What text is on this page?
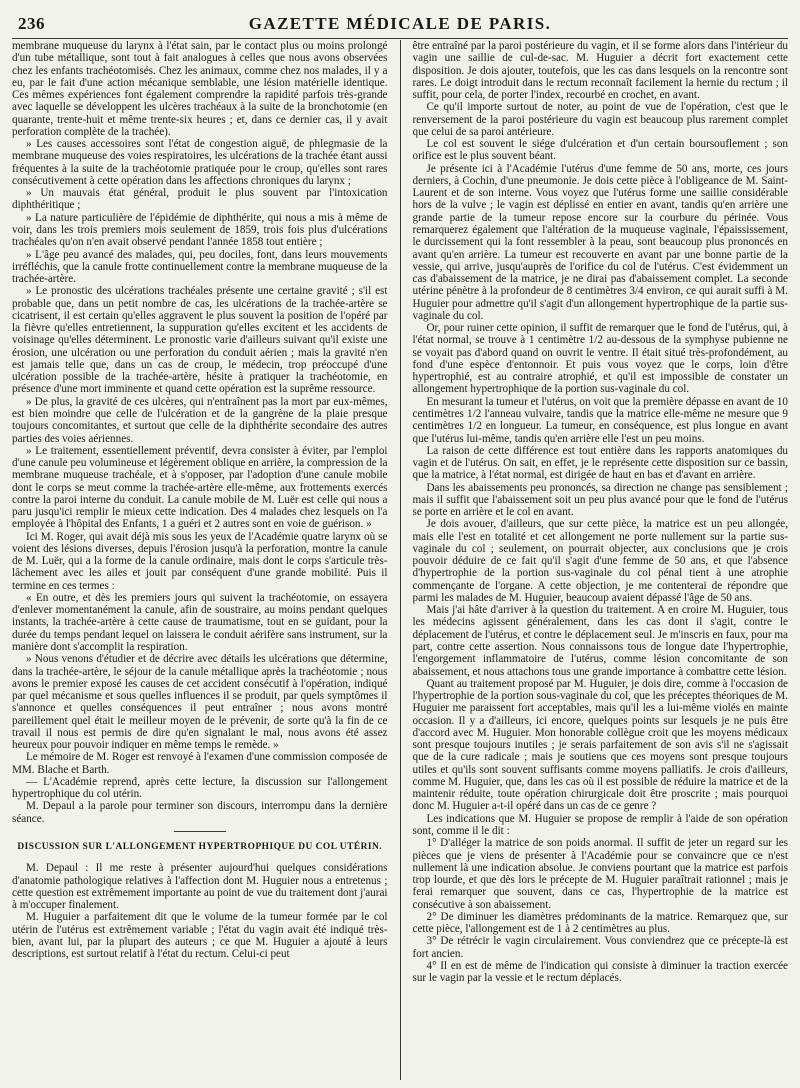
236	GAZETTE MÉDICALE DE PARIS.

membrane muqueuse du larynx à l'état sain, par le contact plus ou moins prolongé d'un tube métallique, sont tout à fait analogues à celles que nous avons observées chez les enfants trachéotomisés. Chez les animaux, comme chez nos malades, il y a eu, par le fait d'une action mécanique semblable, une lésion matérielle identique. Ces mêmes expériences font également comprendre la rapidité parfois très-grande avec laquelle se développent les ulcères trachéaux à la suite de la bronchotomie (en quarante, trente-huit et même trente-six heures ; et, dans ce dernier cas, il y avait perforation complète de la trachée).

» Les causes accessoires sont l'état de congestion aiguë, de phlegmasie de la membrane muqueuse des voies respiratoires, les ulcérations de la trachée étant aussi fréquentes à la suite de la trachéotomie pratiquée pour le croup, qu'elles sont rares consécutivement à cette opération dans les affections chroniques du larynx ;

» Un mauvais état général, produit le plus souvent par l'intoxication diphthéritique ;

» La nature particulière de l'épidémie de diphthérite, qui nous a mis à même de voir, dans les trois premiers mois seulement de 1859, trois fois plus d'ulcérations trachéales qu'on n'en avait observé pendant l'année 1858 tout entière ;

» L'âge peu avancé des malades, qui, peu dociles, font, dans leurs mouvements irréfléchis, que la canule frotte continuellement contre la membrane muqueuse de la trachée-artère.

» Le pronostic des ulcérations trachéales présente une certaine gravité ; s'il est probable que, dans un petit nombre de cas, les ulcérations de la trachée-artère se cicatrisent, il est certain qu'elles aggravent le plus souvent la position de l'opéré par la fièvre qu'elles entretiennent, la suppuration qu'elles excitent et les accidents de voisinage qu'elles déterminent. Le pronostic varie d'ailleurs suivant qu'il existe une érosion, une ulcération ou une perforation du conduit aérien ; mais la gravité n'en est jamais telle que, dans un cas de croup, le médecin, trop préoccupé d'une ulcération possible de la trachée-artère, hésite à pratiquer la trachéotomie, en présence d'une mort imminente et quand cette opération est la suprême ressource.

» De plus, la gravité de ces ulcères, qui n'entraînent pas la mort par eux-mêmes, est bien moindre que celle de l'ulcération et de la gangrène de la plaie presque toujours concomitantes, et surtout que celle de la diphthérite secondaire des autres parties des voies aériennes.

» Le traitement, essentiellement préventif, devra consister à éviter, par l'emploi d'une canule peu volumineuse et légèrement oblique en arrière, la compression de la membrane muqueuse trachéale, et à s'opposer, par l'adoption d'une canule mobile dont le corps se meut comme la trachée-artère elle-même, aux frottements exercés contre la paroi interne du conduit. La canule mobile de M. Luër est celle qui nous a paru jusqu'ici remplir le mieux cette indication. Des 4 malades chez lesquels on l'a employée à l'hôpital des Enfants, 1 a guéri et 2 autres sont en voie de guérison. »

Ici M. Roger, qui avait déjà mis sous les yeux de l'Académie quatre larynx où se voient des lésions diverses, depuis l'érosion jusqu'à la perforation, montre la canule de M. Luër, qui a la forme de la canule ordinaire, mais dont le corps s'articule très-lâchement avec les ailes et jouit par conséquent d'une grande mobilité. Puis il termine en ces termes :

« En outre, et dès les premiers jours qui suivent la trachéotomie, on essayera d'enlever momentanément la canule, afin de soustraire, au moins pendant quelques instants, la trachée-artère à cette cause de traumatisme, tout en se guidant, pour la durée du temps pendant lequel on laissera le conduit aérifère sans instrument, sur la manière dont s'accomplit la respiration.

» Nous venons d'étudier et de décrire avec détails les ulcérations que détermine, dans la trachée-artère, le séjour de la canule métallique après la trachéotomie ; nous avons le premier exposé les causes de cet accident consécutif à l'opération, indiqué par quel mécanisme et sous quelles influences il se produit, par quels symptômes il s'annonce et quelles conséquences il peut entraîner ; nous avons montré pareillement quel était le meilleur moyen de le prévenir, de sorte qu'à la fin de ce travail il nous est permis de dire qu'en signalant le mal, nous avons été assez heureux pour pouvoir indiquer en même temps le remède. »

Le mémoire de M. Roger est renvoyé à l'examen d'une commission composée de MM. Blache et Barth.

— L'Académie reprend, après cette lecture, la discussion sur l'allongement hypertrophique du col utérin.

M. Depaul a la parole pour terminer son discours, interrompu dans la dernière séance.

DISCUSSION SUR L'ALLONGEMENT HYPERTROPHIQUE DU COL UTÉRIN.

M. Depaul : Il me reste à présenter aujourd'hui quelques considérations d'anatomie pathologique relatives à l'affection dont M. Huguier nous a entretenus ; cette question est extrêmement importante au point de vue du traitement dont j'aurai à m'occuper finalement.

M. Huguier a parfaitement dit que le volume de la tumeur formée par le col utérin de l'utérus est extrêmement variable ; l'état du vagin avait été indiqué très-bien, avant lui, par la plupart des auteurs ; ce que M. Huguier a ajouté à leurs descriptions, est surtout relatif à l'état du rectum. Celui-ci peut

être entraîné par la paroi postérieure du vagin, et il se forme alors dans l'intérieur du vagin une saillie de cul-de-sac. M. Huguier a décrit fort exactement cette disposition. Je dois ajouter, toutefois, que les cas dans lesquels on la rencontre sont rares. Le doigt introduit dans le rectum reconnaît facilement la hernie du rectum ; il suffit, pour cela, de porter l'index, recourbé en crochet, en avant.

Ce qu'il importe surtout de noter, au point de vue de l'opération, c'est que le renversement de la paroi postérieure du vagin est beaucoup plus rarement complet que celui de sa paroi antérieure.

Le col est souvent le siége d'ulcération et d'un certain boursouflement ; son orifice est le plus souvent béant.

Je présente ici à l'Académie l'utérus d'une femme de 50 ans, morte, ces jours derniers, à Cochin, d'une pneumonie. Je dois cette pièce à l'obligeance de M. Saint-Laurent et de son interne. Vous voyez que l'utérus forme une saillie considérable hors de la vulve ; le vagin est déplissé en entier en avant, tandis qu'en arrière une grande partie de la tumeur repose encore sur la courbure du périnée. Vous remarquerez également que l'altération de la muqueuse vaginale, l'épaississement, le durcissement qui la font ressembler à la peau, sont beaucoup plus prononcés en avant qu'en arrière. La tumeur est recouverte en avant par une bonne partie de la vessie, qui arrive, jusqu'auprès de l'orifice du col de l'utérus. C'est évidemment un cas d'abaissement de la matrice, je ne dirai pas d'abaissement complet. La seconde utérine pénètre à la profondeur de 8 centimètres 3/4 environ, ce qui aurait suffi à M. Huguier pour admettre qu'il s'agit d'un allongement hypertrophique de la partie sus-vaginale du col.

Or, pour ruiner cette opinion, il suffit de remarquer que le fond de l'utérus, qui, à l'état normal, se trouve à 1 centimètre 1/2 au-dessous de la symphyse pubienne ne se voyait pas d'abord quand on ouvrit le ventre. Il était situé très-profondément, au fond d'une espèce d'entonnoir. Et puis vous voyez que le corps, loin d'être hypertrophié, est au contraire atrophié, et qu'il est impossible de constater un allongement hypertrophique de la portion sus-vaginale du col.

En mesurant la tumeur et l'utérus, on voit que la première dépasse en avant de 10 centimètres 1/2 l'anneau vulvaire, tandis que la matrice elle-même ne mesure que 9 centimètres 1/2 en longueur. La tumeur, en conséquence, est plus longue en avant que l'utérus lui-même, tandis qu'en arrière elle l'est un peu moins.

La raison de cette différence est tout entière dans les rapports anatomiques du vagin et de l'utérus. On sait, en effet, je le représente cette disposition sur ce bassin, que la matrice, à l'état normal, est dirigée de haut en bas et d'avant en arrière.

Dans les abaissements peu prononcés, sa direction ne change pas sensiblement ; mais il suffit que l'abaissement soit un peu plus avancé pour que le fond de l'utérus se porte en arrière et le col en avant.

Je dois avouer, d'ailleurs, que sur cette pièce, la matrice est un peu allongée, mais elle l'est en totalité et cet allongement ne porte nullement sur la partie sus-vaginale du col ; seulement, on pourrait objecter, aux conclusions que je crois pouvoir déduire de ce fait qu'il s'agit d'une femme de 50 ans, et que l'absence d'hypertrophie de la portion sus-vaginale du col pénal tient à une atrophie commençante de l'organe. A cette objection, je me contenterai de répondre que parmi les malades de M. Huguier, beaucoup avaient dépassé l'âge de 50 ans.

Mais j'ai hâte d'arriver à la question du traitement. A en croire M. Huguier, tous les médecins agissent généralement, dans les cas dont il s'agit, contre le déplacement de l'utérus, et contre le déplacement seul. Je m'inscris en faux, pour ma part, contre cette assertion. Nous connaissons tous de longue date l'hypertrophie, l'engorgement inflammatoire de l'utérus, comme lésion concomitante de son abaissement, et nous attachons tous une grande importance à combattre cette lésion.

Quant au traitement proposé par M. Huguier, je dois dire, comme à l'occasion de l'hypertrophie de la portion sous-vaginale du col, que les préceptes théoriques de M. Huguier me paraissent fort acceptables, mais qu'il les a lui-même violés en mainte occasion. Il y a d'ailleurs, ici encore, quelques points sur lesquels je ne puis être d'accord avec M. Huguier. Mon honorable collègue croit que les moyens médicaux sont presque toujours inutiles ; je serais parfaitement de son avis s'il ne s'agissait que de la cure radicale ; mais je soutiens que ces moyens sont presque toujours utiles et qu'ils sont souvent suffisants comme moyens palliatifs. Je crois d'ailleurs, comme M. Huguier, que, dans les cas où il est possible de réduire la matrice et de la maintenir réduite, toute opération chirurgicale doit être proscrite ; mais pourquoi donc M. Huguier a-t-il opéré dans un cas de ce genre ?

Les indications que M. Huguier se propose de remplir à l'aide de son opération sont, comme il le dit :

1° D'alléger la matrice de son poids anormal. Il suffit de jeter un regard sur les pièces que je viens de présenter à l'Académie pour se convaincre que ce n'est nullement là une indication absolue. Je conviens pourtant que la matrice est parfois trop lourde, et que dès lors le précepte de M. Huguier paraîtrait rationnel ; mais je ferai remarquer que souvent, dans ce cas, l'hypertrophie de la matrice est consécutive à son abaissement.

2° De diminuer les diamètres prédominants de la matrice. Remarquez que, sur cette pièce, l'allongement est de 1 à 2 centimètres au plus.

3° De rétrécir le vagin circulairement. Vous conviendrez que ce précepte-là est fort ancien.

4° Il en est de même de l'indication qui consiste à diminuer la traction exercée sur le vagin par la vessie et le rectum déplacés.
